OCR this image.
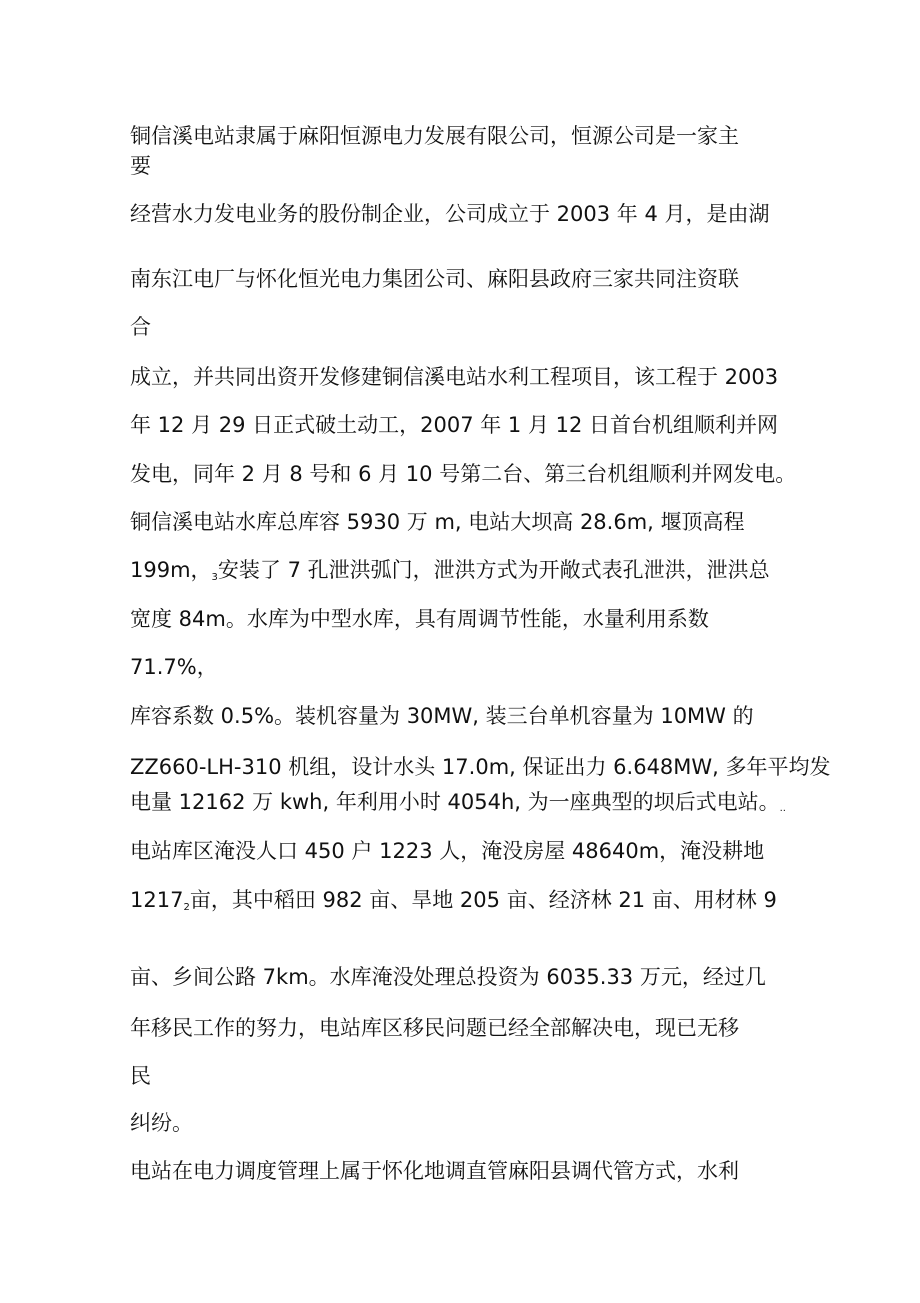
铜信溪电站隶属于麻阳恒源电力发展有限公司，恒源公司是一家主
要
经营水力发电业务的股份制企业，公司成立于 2003 年 4 月，是由湖
南东江电厂与怀化恒光电力集团公司、麻阳县政府三家共同注资联
合
成立，并共同出资开发修建铜信溪电站水利工程项目，该工程于 2003
年 12 月 29 日正式破土动工，2007 年 1 月 12 日首台机组顺利并网
发电，同年 2 月 8 号和 6 月 10 号第二台、第三台机组顺利并网发电。
铜信溪电站水库总库容 5930 万 m, 电站大坝高 28.6m, 堰顶高程
199m，$_3$安装了 7 孔泄洪弧门，泄洪方式为开敞式表孔泄洪，泄洪总
宽度 84m。水库为中型水库，具有周调节性能，水量利用系数
71.7%，
库容系数 0.5%。装机容量为 30MW, 装三台单机容量为 10MW 的
ZZ660-LH-310 机组，设计水头 17.0m, 保证出力 6.648MW, 多年平均发
电量 12162 万 kwh, 年利用小时 4054h, 为一座典型的坝后式电站。..
电站库区淹没人口 450 户 1223 人，淹没房屋 48640m，淹没耕地
$1217_2$亩，其中稻田 982 亩、旱地 205 亩、经济林 21 亩、用材林 9
亩、乡间公路 7km。水库淹没处理总投资为 6035.33 万元，经过几
年移民工作的努力，电站库区移民问题已经全部解决电，现已无移
民
纠纷。
电站在电力调度管理上属于怀化地调直管麻阳县调代管方式，水利
